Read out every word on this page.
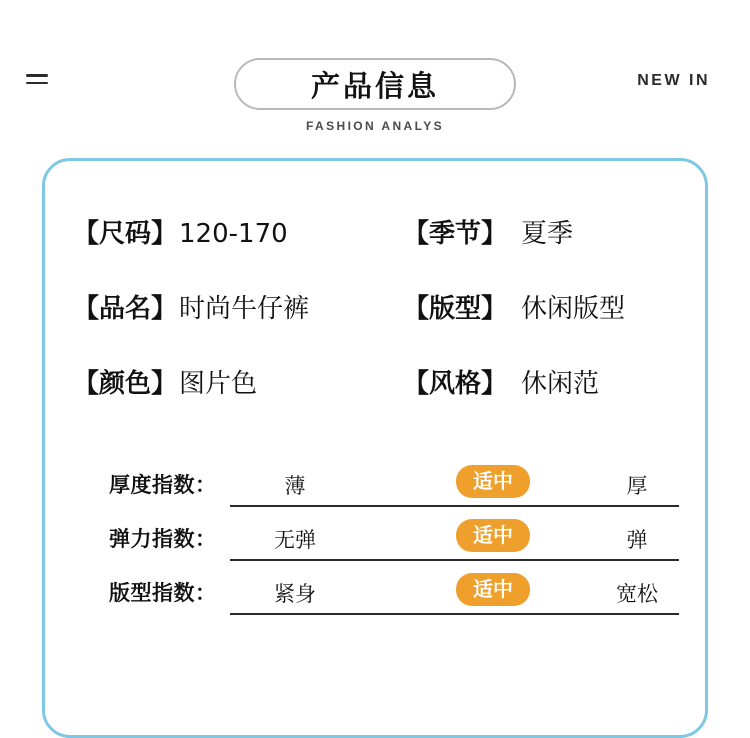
产品信息
FASHION ANALYS
NEW IN
【尺码】 120-170	【季节】 夏季
【品名】 时尚牛仔裤	【版型】 休闲版型
【颜色】 图片色	【风格】 休闲范
厚度指数：	薄	适中	厚
弹力指数：	无弹	适中	弹
版型指数：	紧身	适中	宽松
